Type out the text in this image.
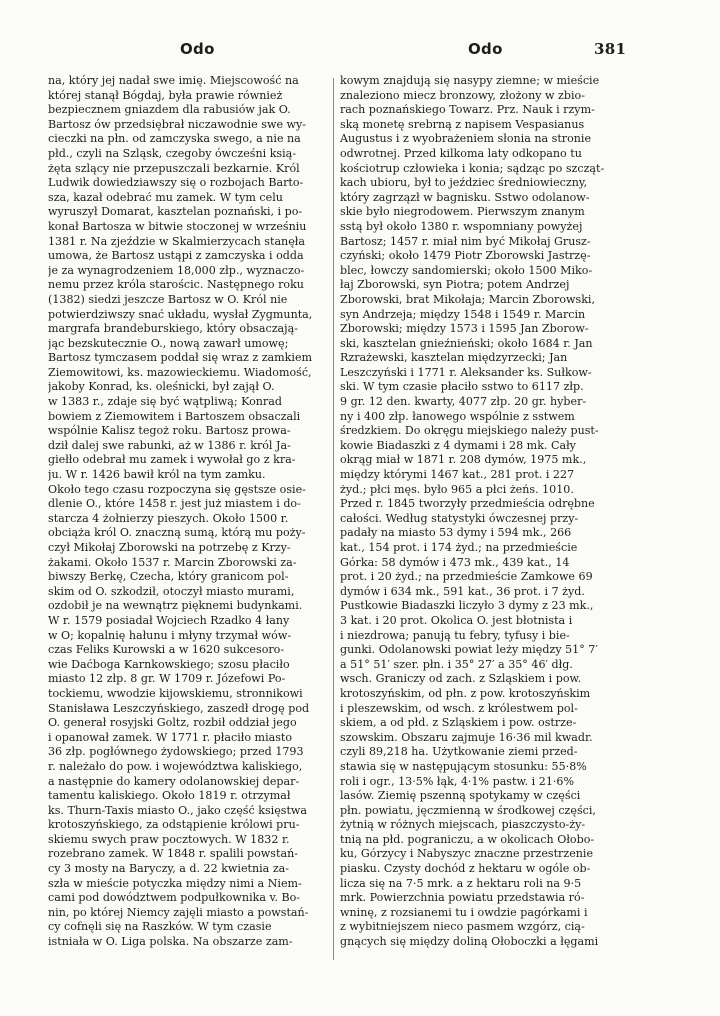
Odo	Odo	381

na, który jej nadał swe imię. Miejscowość na

której stanął Bógdaj, była prawie również

bezpiecznem gniazdem dla rabusiów jak O.

Bartosz ów przedsiębrał niczawodnie swe wy-

cieczki na płn. od zamczyska swego, a nie na

płd., czyli na Szląsk, czegoby ówcześni ksią-

żęta szlący nie przepuszczali bezkarnie. Król

Ludwik dowiedziawszy się o rozbojach Barto-

sza, kazał odebrać mu zamek. W tym celu

wyruszył Domarat, kasztelan poznański, i po-

konał Bartosza w bitwie stoczonej w wrześniu

1381 r. Na zjeździe w Skalmierzycach stanęła

umowa, że Bartosz ustąpi z zamczyska i odda

je za wynagrodzeniem 18,000 złp., wyznaczo-

nemu przez króla starościc. Następnego roku

(1382) siedzi jeszcze Bartosz w O. Król nie

potwierdziwszy snać układu, wysłał Zygmunta,

margrafa brandeburskiego, który obsaczają-

jąc bezskutecznie O., nową zawarł umowę;

Bartosz tymczasem poddał się wraz z zamkiem

Ziemowitowi, ks. mazowieckiemu. Wiadomość,

jakoby Konrad, ks. oleśnicki, był zajął O.

w 1383 r., zdaje się być wątpliwą; Konrad

bowiem z Ziemowitem i Bartoszem obsaczali

wspólnie Kalisz tegoż roku. Bartosz prowa-

dził dalej swe rabunki, aż w 1386 r. król Ja-

giełło odebrał mu zamek i wywołał go z kra-

ju. W r. 1426 bawił król na tym zamku.

Około tego czasu rozpoczyna się gęstsze osie-

dlenie O., które 1458 r. jest już miastem i do-

starcza 4 żołnierzy pieszych. Około 1500 r.

obciąża król O. znaczną sumą, którą mu poży-

czył Mikołaj Zborowski na potrzebę z Krzy-

żakami. Około 1537 r. Marcin Zborowski za-

biwszy Berkę, Czecha, który granicom pol-

skim od O. szkodził, otoczył miasto murami,

ozdobił je na wewnątrz pięknemi budynkami.

W r. 1579 posiadał Wojciech Rzadko 4 łany

w O; kopalnię hałunu i młyny trzymał wów-

czas Feliks Kurowski a w 1620 sukcesoro-

wie Daćboga Karnkowskiego; szosu płaciło

miasto 12 złp. 8 gr. W 1709 r. Józefowi Po-

tockiemu, wwodzie kijowskiemu, stronnikowi

Stanisława Leszczyńskiego, zaszedł drogę pod

O. generał rosyjski Goltz, rozbił oddział jego

i opanował zamek. W 1771 r. płaciło miasto

36 złp. pogłównego żydowskiego; przed 1793

r. należało do pow. i województwa kaliskiego,

a następnie do kamery odolanowskiej depar-

tamentu kaliskiego. Około 1819 r. otrzymał

ks. Thurn-Taxis miasto O., jako część księstwa

krotoszyńskiego, za odstąpienie królowi pru-

skiemu swych praw pocztowych. W 1832 r.

rozebrano zamek. W 1848 r. spalili powstań-

cy 3 mosty na Baryczy, a d. 22 kwietnia za-

szła w mieście potyczka między nimi a Niem-

cami pod dowództwem podpułkownika v. Bo-

nin, po której Niemcy zajęli miasto a powstań-

cy cofnęli się na Raszków. W tym czasie

istniała w O. Liga polska. Na obszarze zam-

kowym znajdują się nasypy ziemne; w mieście

znaleziono miecz bronzowy, złożony w zbio-

rach poznańskiego Towarz. Prz. Nauk i rzym-

ską monetę srebrną z napisem Vespasianus

Augustus i z wyobrażeniem słonia na stronie

odwrotnej. Przed kilkoma laty odkopano tu

kościotrup człowieka i konia; sądząc po szcząt-

kach ubioru, był to jeździec średniowieczny,

który zagrzązł w bagnisku. Sstwo odolanow-

skie było niegrodowem. Pierwszym znanym

sstą był około 1380 r. wspomniany powyżej

Bartosz; 1457 r. miał nim być Mikołaj Grusz-

czyński; około 1479 Piotr Zborowski Jastrzę-

blec, łowczy sandomierski; około 1500 Miko-

łaj Zborowski, syn Piotra; potem Andrzej

Zborowski, brat Mikołaja; Marcin Zborowski,

syn Andrzeja; między 1548 i 1549 r. Marcin

Zborowski; między 1573 i 1595 Jan Zborow-

ski, kasztelan gnieźnieński; około 1684 r. Jan

Rzrażewski, kasztelan międzyrzecki; Jan

Leszczyński i 1771 r. Aleksander ks. Sułkow-

ski. W tym czasie płaciło sstwo to 6117 złp.

9 gr. 12 den. kwarty, 4077 złp. 20 gr. hyber-

ny i 400 złp. łanowego wspólnie z sstwem

średzkiem. Do okręgu miejskiego należy pust-

kowie Biadaszki z 4 dymami i 28 mk. Cały

okrąg miał w 1871 r. 208 dymów, 1975 mk.,

między którymi 1467 kat., 281 prot. i 227

żyd.; płci męs. było 965 a płci żeńs. 1010.

Przed r. 1845 tworzyły przedmieścia odrębne

całości. Według statystyki ówczesnej przy-

padały na miasto 53 dymy i 594 mk., 266

kat., 154 prot. i 174 żyd.; na przedmieście

Górka: 58 dymów i 473 mk., 439 kat., 14

prot. i 20 żyd.; na przedmieście Zamkowe 69

dymów i 634 mk., 591 kat., 36 prot. i 7 żyd.

Pustkowie Biadaszki liczyło 3 dymy z 23 mk.,

3 kat. i 20 prot. Okolica O. jest błotnista i

i niezdrowa; panują tu febry, tyfusy i bie-

gunki. Odolanowski powiat leży między 51° 7′

a 51° 51′ szer. płn. i 35° 27′ a 35° 46′ dłg.

wsch. Graniczy od zach. z Szląskiem i pow.

krotoszyńskim, od płn. z pow. krotoszyńskim

i pleszewskim, od wsch. z królestwem pol-

skiem, a od płd. z Szląskiem i pow. ostrze-

szowskim. Obszaru zajmuje 16·36 mil kwadr.

czyli 89,218 ha. Użytkowanie ziemi przed-

stawia się w następującym stosunku: 55·8%

roli i ogr., 13·5% łąk, 4·1% pastw. i 21·6%

lasów. Ziemię pszenną spotykamy w części

płn. powiatu, jęczmienną w środkowej części,

żytnią w różnych miejscach, piaszczysto-ży-

tnią na płd. pograniczu, a w okolicach Ołobo-

ku, Górzycy i Nabyszyc znaczne przestrzenie

piasku. Czysty dochód z hektaru w ogóle ob-

licza się na 7·5 mrk. a z hektaru roli na 9·5

mrk. Powierzchnia powiatu przedstawia ró-

wninę, z rozsianemi tu i owdzie pagórkami i

z wybitniejszem nieco pasmem wzgórz, cią-

gnących się między doliną Ołoboczki a łęgami
